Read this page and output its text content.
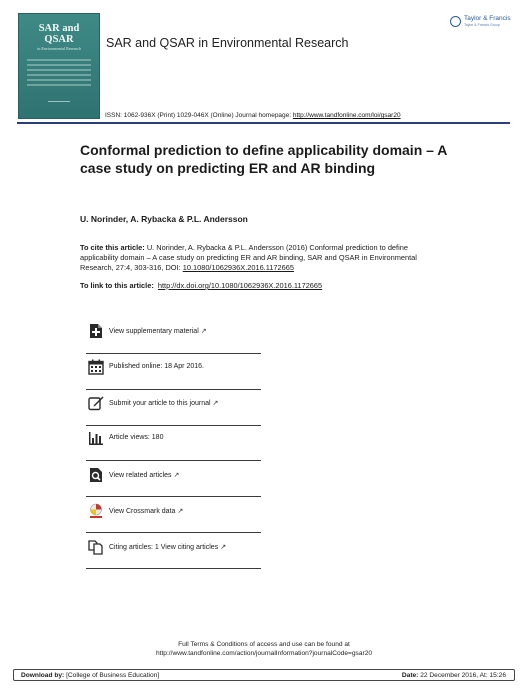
SAR and QSAR
in Environmental Research	SAR and QSAR in Environmental Research
Taylor & Francis
Taylor & Francis Group
ISSN: 1062-936X (Print) 1029-046X (Online) Journal homepage: http://www.tandfonline.com/loi/gsar20
Conformal prediction to define applicability domain – A case study on predicting ER and AR binding
U. Norinder, A. Rybacka & P.L. Andersson
To cite this article: U. Norinder, A. Rybacka & P.L. Andersson (2016) Conformal prediction to define applicability domain – A case study on predicting ER and AR binding, SAR and QSAR in Environmental Research, 27:4, 303-316, DOI: 10.1080/1062936X.2016.1172665
To link to this article: http://dx.doi.org/10.1080/1062936X.2016.1172665
View supplementary material ↗
Published online: 18 Apr 2016.
Submit your article to this journal ↗
Article views: 180
View related articles ↗
View Crossmark data ↗
Citing articles: 1 View citing articles ↗
Full Terms & Conditions of access and use can be found at
http://www.tandfonline.com/action/journalInformation?journalCode=gsar20
Download by: [College of Business Education]	Date: 22 December 2016, At: 15:26
